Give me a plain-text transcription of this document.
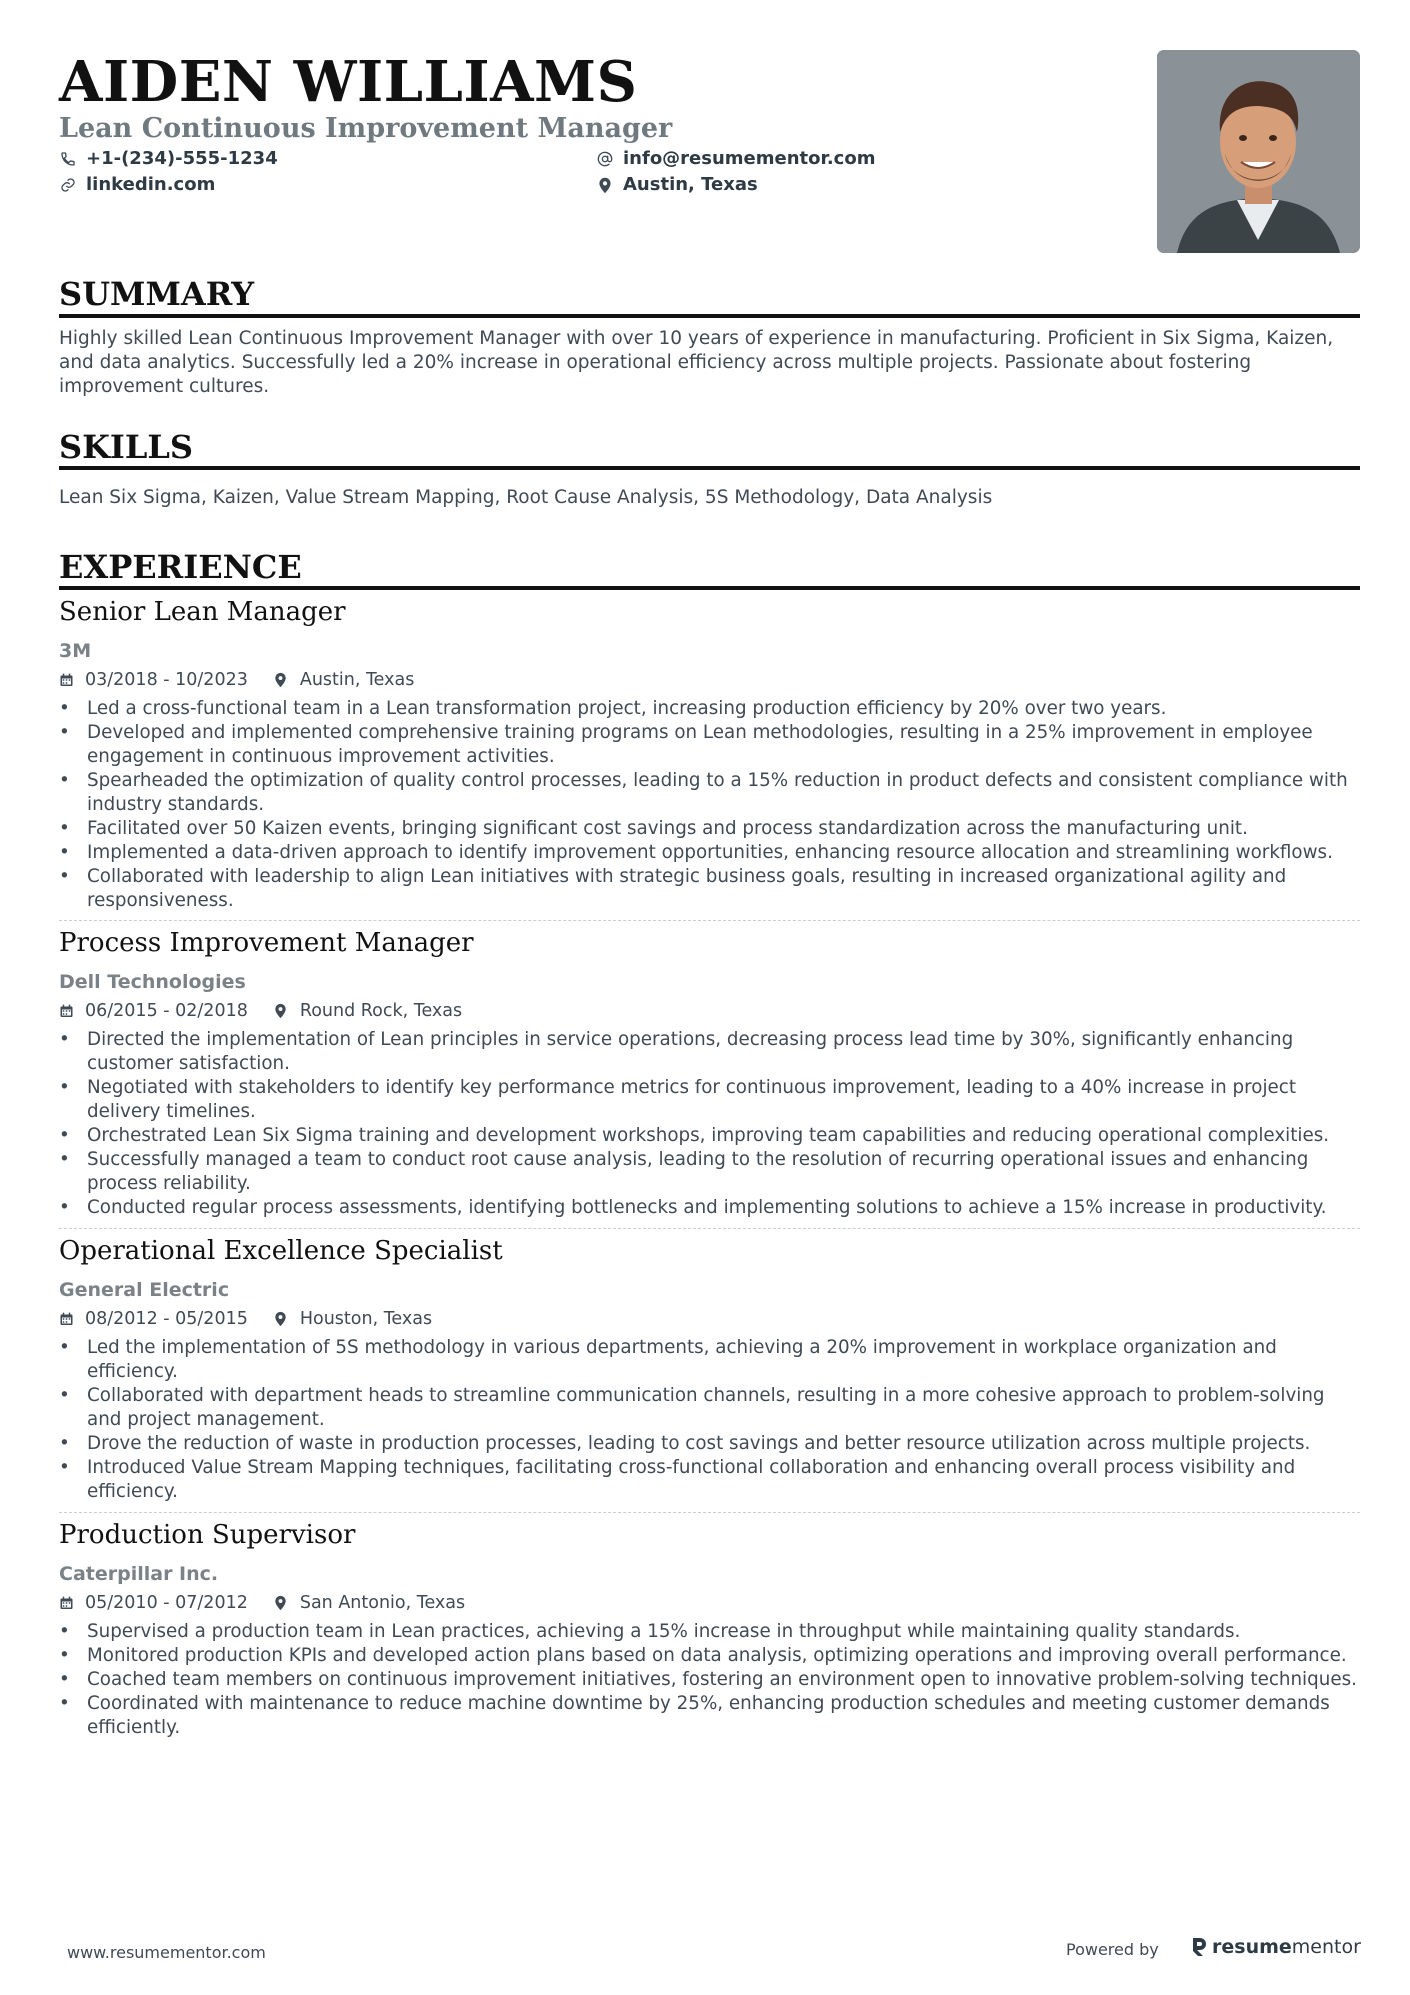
AIDEN WILLIAMS
Lean Continuous Improvement Manager
+1-(234)-555-1234
linkedin.com
info@resumementor.com
Austin, Texas
SUMMARY
Highly skilled Lean Continuous Improvement Manager with over 10 years of experience in manufacturing. Proficient in Six Sigma, Kaizen, and data analytics. Successfully led a 20% increase in operational efficiency across multiple projects. Passionate about fostering improvement cultures.
SKILLS
Lean Six Sigma, Kaizen, Value Stream Mapping, Root Cause Analysis, 5S Methodology, Data Analysis
EXPERIENCE
Senior Lean Manager
3M
03/2018 - 10/2023	Austin, Texas
• Led a cross-functional team in a Lean transformation project, increasing production efficiency by 20% over two years.
• Developed and implemented comprehensive training programs on Lean methodologies, resulting in a 25% improvement in employee engagement in continuous improvement activities.
• Spearheaded the optimization of quality control processes, leading to a 15% reduction in product defects and consistent compliance with industry standards.
• Facilitated over 50 Kaizen events, bringing significant cost savings and process standardization across the manufacturing unit.
• Implemented a data-driven approach to identify improvement opportunities, enhancing resource allocation and streamlining workflows.
• Collaborated with leadership to align Lean initiatives with strategic business goals, resulting in increased organizational agility and responsiveness.
Process Improvement Manager
Dell Technologies
06/2015 - 02/2018	Round Rock, Texas
• Directed the implementation of Lean principles in service operations, decreasing process lead time by 30%, significantly enhancing customer satisfaction.
• Negotiated with stakeholders to identify key performance metrics for continuous improvement, leading to a 40% increase in project delivery timelines.
• Orchestrated Lean Six Sigma training and development workshops, improving team capabilities and reducing operational complexities.
• Successfully managed a team to conduct root cause analysis, leading to the resolution of recurring operational issues and enhancing process reliability.
• Conducted regular process assessments, identifying bottlenecks and implementing solutions to achieve a 15% increase in productivity.
Operational Excellence Specialist
General Electric
08/2012 - 05/2015	Houston, Texas
• Led the implementation of 5S methodology in various departments, achieving a 20% improvement in workplace organization and efficiency.
• Collaborated with department heads to streamline communication channels, resulting in a more cohesive approach to problem-solving and project management.
• Drove the reduction of waste in production processes, leading to cost savings and better resource utilization across multiple projects.
• Introduced Value Stream Mapping techniques, facilitating cross-functional collaboration and enhancing overall process visibility and efficiency.
Production Supervisor
Caterpillar Inc.
05/2010 - 07/2012	San Antonio, Texas
• Supervised a production team in Lean practices, achieving a 15% increase in throughput while maintaining quality standards.
• Monitored production KPIs and developed action plans based on data analysis, optimizing operations and improving overall performance.
• Coached team members on continuous improvement initiatives, fostering an environment open to innovative problem-solving techniques.
• Coordinated with maintenance to reduce machine downtime by 25%, enhancing production schedules and meeting customer demands efficiently.
www.resumementor.com	Powered by	resume mentor
